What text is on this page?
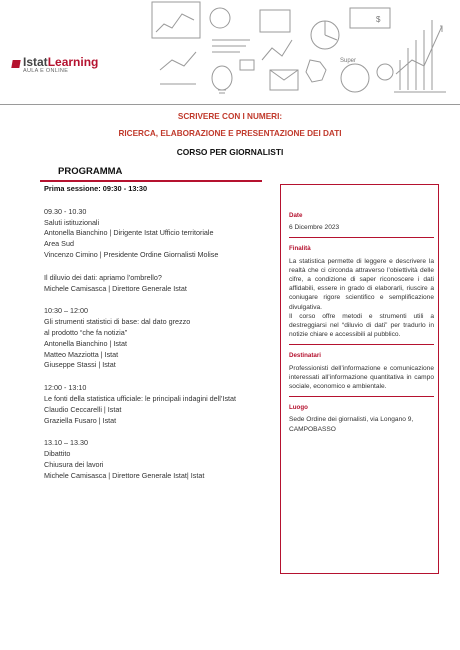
Super
$
IstatLearning
AULA E ONLINE
SCRIVERE CON I NUMERI:
RICERCA, ELABORAZIONE E PRESENTAZIONE DEI DATI
CORSO PER GIORNALISTI
PROGRAMMA
Prima sessione: 09:30 - 13:30
09.30 - 10.30
Saluti istituzionali
Antonella Bianchino | Dirigente Istat Ufficio territoriale
Area Sud
Vincenzo Cimino | Presidente Ordine Giornalisti Molise
Il diluvio dei dati: apriamo l’ombrello?
Michele Camisasca | Direttore Generale Istat
10:30 – 12:00
Gli strumenti statistici di base: dal dato grezzo
al prodotto “che fa notizia”
Antonella Bianchino | Istat
Matteo Mazziotta | Istat
Giuseppe Stassi | Istat
12:00 - 13:10
Le fonti della statistica ufficiale: le principali indagini dell’Istat
Claudio Ceccarelli | Istat
Graziella Fusaro | Istat
13.10 – 13.30
Dibattito
Chiusura dei lavori
Michele Camisasca | Direttore Generale Istat| Istat
Date
6 Dicembre 2023
Finalità
La statistica permette di leggere e descrivere la realtà che ci circonda attraverso l’obiettività delle cifre, a condizione di saper riconoscere i dati affidabili, essere in grado di elaborarli, riuscire a coniugare rigore scientifico e semplificazione divulgativa.
Il corso offre metodi e strumenti utili a destreggiarsi nel “diluvio di dati” per tradurlo in notizie chiare e accessibili al pubblico.
Destinatari
Professionisti dell’informazione e comunicazione interessati all’informazione quantitativa in campo sociale, economico e ambientale.
Luogo
Sede Ordine dei giornalisti, via Longano 9,
CAMPOBASSO
